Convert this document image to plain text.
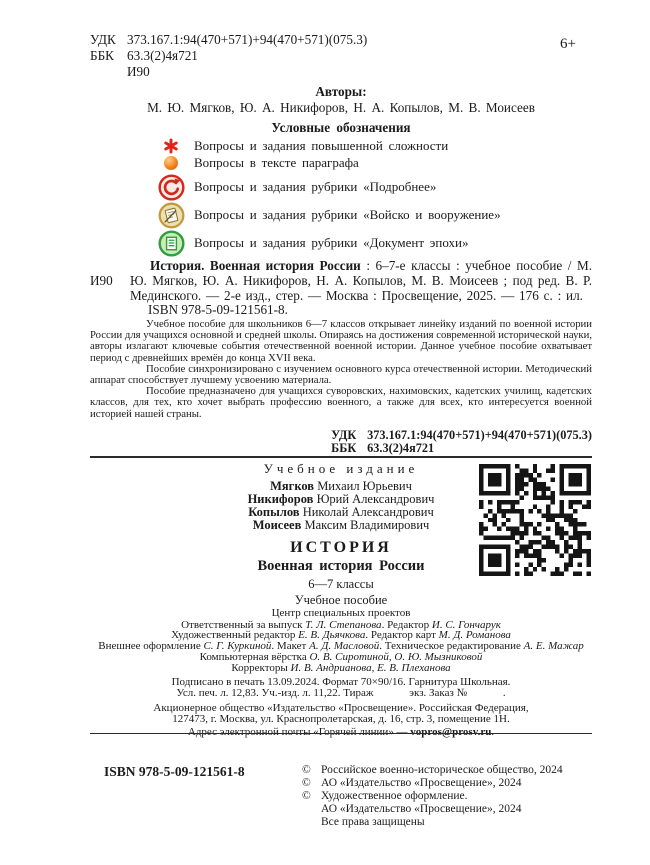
6+
УДК 373.167.1:94(470+571)+94(470+571)(075.3)
ББК 63.3(2)4я721
И90
Авторы:
М. Ю. Мягков, Ю. А. Никифоров, Н. А. Копылов, М. В. Моисеев
Условные обозначения
Вопросы и задания повышенной сложности
Вопросы в тексте параграфа
Вопросы и задания рубрики «Подробнее»
Вопросы и задания рубрики «Войско и вооружение»
Вопросы и задания рубрики «Документ эпохи»
И90

История. Военная история России : 6–7-е классы : учебное пособие / М. Ю. Мягков, Ю. А. Никифоров, Н. А. Копылов, М. В. Моисеев ; под ред. В. Р. Мединского. — 2-е изд., стер. — Москва : Просвещение, 2025. — 176 с. : ил.

ISBN 978-5-09-121561-8.

Учебное пособие для школьников 6—7 классов открывает линейку изданий по военной истории России для учащихся основной и средней школы. Опираясь на достижения современной исторической науки, авторы излагают ключевые события отечественной военной истории. Данное учебное пособие охватывает период с древнейших времён до конца XVII века.

Пособие синхронизировано с изучением основного курса отечественной истории. Методический аппарат способствует лучшему усвоению материала.

Пособие предназначено для учащихся суворовских, нахимовских, кадетских училищ, кадетских классов, для тех, кто хочет выбрать профессию военного, а также для всех, кто интересуется военной историей нашей страны.

УДК 373.167.1:94(470+571)+94(470+571)(075.3)
ББК 63.3(2)4я721
Учебное издание
Мягков Михаил Юрьевич
Никифоров Юрий Александрович
Копылов Николай Александрович
Моисеев Максим Владимирович
ИСТОРИЯ
Военная история России
6—7 классы
Учебное пособие
Центр специальных проектов
Ответственный за выпуск Т. Л. Степанова. Редактор И. С. Гончарук
Художественный редактор Е. В. Дьячкова. Редактор карт М. Д. Романова
Внешнее оформление С. Г. Куркиной. Макет А. Д. Масловой. Техническое редактирование А. Е. Мажар
Компьютерная вёрстка О. В. Сиротиной, О. Ю. Мызниковой
Корректоры И. В. Андрианова, Е. В. Плеханова
Подписано в печать 13.09.2024. Формат 70×90/16. Гарнитура Школьная.
Усл. печ. л. 12,83. Уч.-изд. л. 11,22. Тираж             экз. Заказ №             .
Акционерное общество «Издательство «Просвещение». Российская Федерация,
127473, г. Москва, ул. Краснопролетарская, д. 16, стр. 3, помещение 1Н.
Адрес электронной почты «Горячей линии» — vopros@prosv.ru.
ISBN 978-5-09-121561-8	© Российское военно-историческое общество, 2024
© АО «Издательство «Просвещение», 2024
© Художественное оформление.
АО «Издательство «Просвещение», 2024
Все права защищены
